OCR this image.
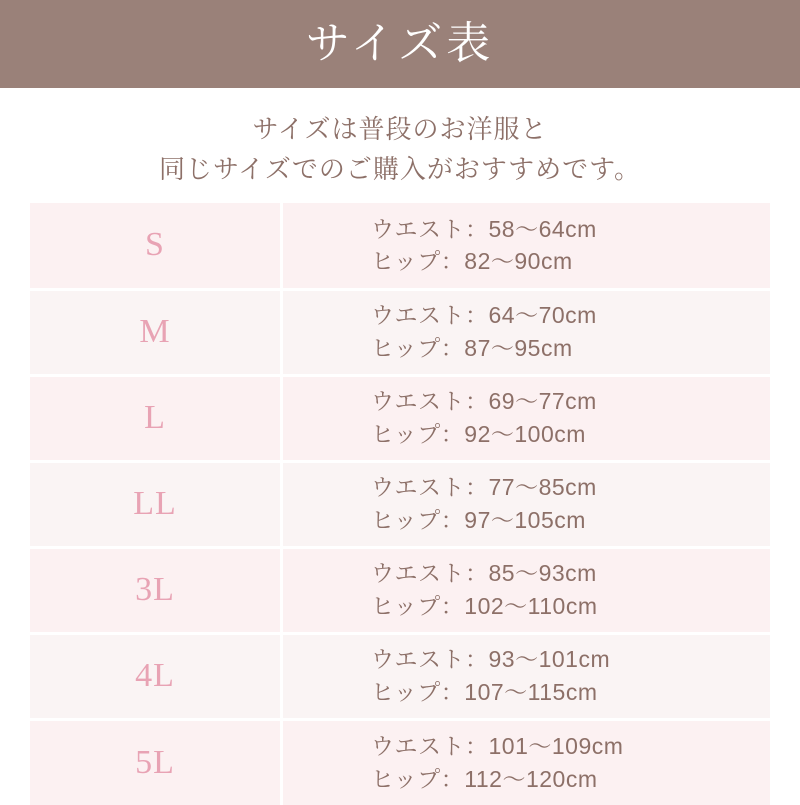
サイズ表
サイズは普段のお洋服と
同じサイズでのご購入がおすすめです。
S	ウエスト：58〜64cm
ヒップ：82〜90cm

M	ウエスト：64〜70cm
ヒップ：87〜95cm

L	ウエスト：69〜77cm
ヒップ：92〜100cm

LL	ウエスト：77〜85cm
ヒップ：97〜105cm

3L	ウエスト：85〜93cm
ヒップ：102〜110cm

4L	ウエスト：93〜101cm
ヒップ：107〜115cm

5L	ウエスト：101〜109cm
ヒップ：112〜120cm
